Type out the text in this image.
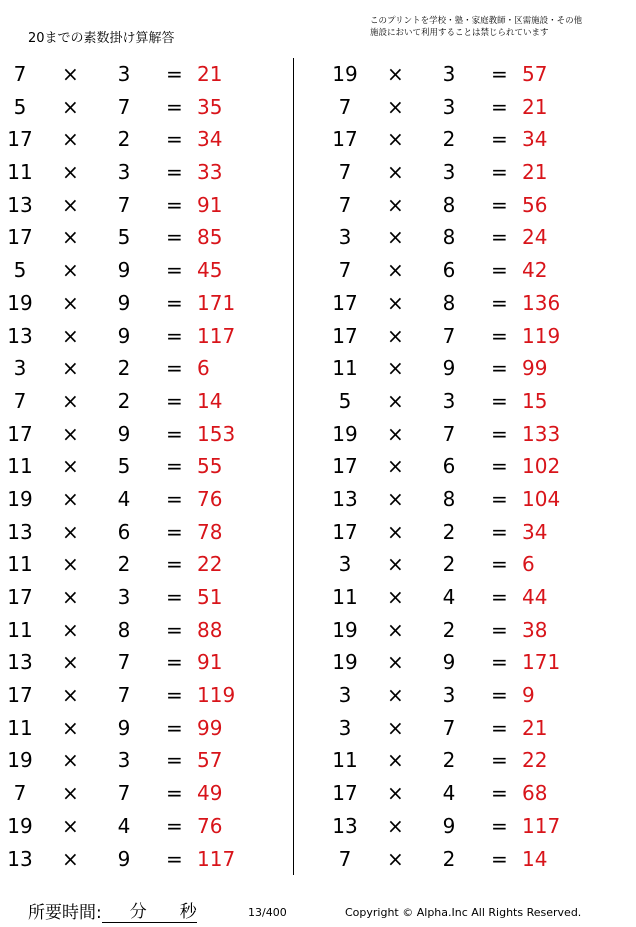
20までの素数掛け算解答
このプリントを学校・塾・家庭教師・区需施設・その他
施設において利用することは禁じられています
7	× 3 = 21
5	× 7 = 35
17 × 2 = 34
11 × 3 = 33
13 × 7 = 91
17 × 5 = 85
5	× 9 = 45
19 × 9 = 171
13 × 9 = 117
3	× 2 = 6
7	× 2 = 14
17 × 9 = 153
11 × 5 = 55
19 × 4 = 76
13 × 6 = 78
11 × 2 = 22
17 × 3 = 51
11 × 8 = 88
13 × 7 = 91
17 × 7 = 119
11 × 9 = 99
19 × 3 = 57
7	× 7 = 49
19 × 4 = 76
13 × 9 = 117
19 × 3 = 57
7	× 3 = 21
17 × 2 = 34
7	× 3 = 21
7	× 8 = 56
3	× 8 = 24
7	× 6 = 42
17 × 8 = 136
17 × 7 = 119
11 × 9 = 99
5	× 3 = 15
19 × 7 = 133
17 × 6 = 102
13 × 8 = 104
17 × 2 = 34
3	× 2 = 6
11 × 4 = 44
19 × 2 = 38
19 × 9 = 171
3	× 3 = 9
3	× 7 = 21
11 × 2 = 22
17 × 4 = 68
13 × 9 = 117
7	× 2 = 14
所要時間: 分 秒	13/400	Copyright © Alpha.Inc All Rights Reserved.
